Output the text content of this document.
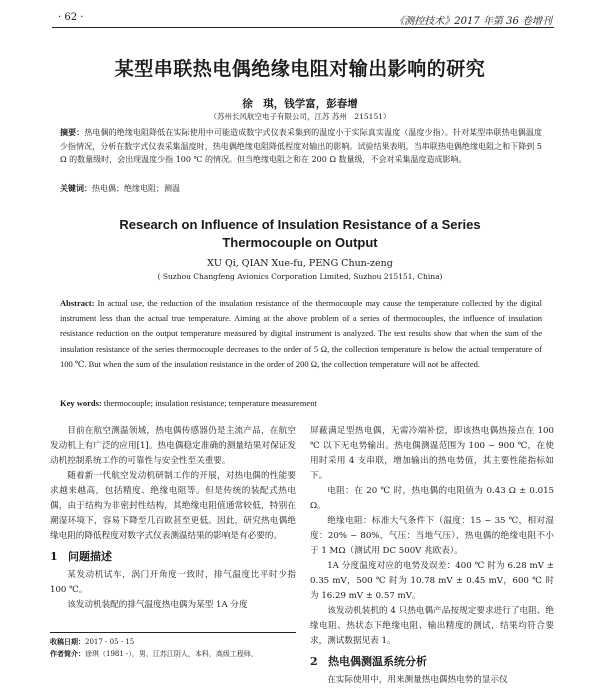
· 62 ·	《测控技术》2017 年第 36 卷增刊
某型串联热电偶绝缘电阻对输出影响的研究
徐　琪，钱学富，彭春增
（苏州长风航空电子有限公司，江苏 苏州　215151）
摘要：热电偶的绝缘电阻降低在实际使用中可能造成数字式仪表采集到的温度小于实际真实温度（温度少指）。针对某型串联热电偶温度少指情况，分析在数字式仪表采集温度时，热电偶绝缘电阻降低程度对输出的影响。试验结果表明，当串联热电偶绝缘电阻之和下降到 5 Ω 的数量级时，会出现温度少指 100 ℃ 的情况。但当绝缘电阻之和在 200 Ω 数量级，不会对采集温度造成影响。
关键词：热电偶；绝缘电阻；测温
Research on Influence of Insulation Resistance of a Series
Thermocouple on Output
XU Qi, QIAN Xue-fu, PENG Chun-zeng
( Suzhou Changfeng Avionics Corporation Limited, Suzhou 215151, China)
Abstract: In actual use, the reduction of the insulation resistance of the thermocouple may cause the temperature collected by the digital instrument less than the actual true temperature. Aiming at the above problem of a series of thermocouples, the influence of insulation resistance reduction on the output temperature measured by digital instrument is analyzed. The test results show that when the sum of the insulation resistance of the series thermocouple decreases to the order of 5 Ω, the collection temperature is below the actual temperature of 100 ℃. But when the sum of the insulation resistance in the order of 200 Ω, the collection temperature will not be affected.
Key words: thermocouple; insulation resistance; temperature measurement

目前在航空测温领域，热电偶传感器仍是主流产品，在航空发动机上有广泛的应用[1]。热电偶稳定准确的测量结果对保证发动机控制系统工作的可靠性与安全性至关重要。

随着新一代航空发动机研制工作的开展，对热电偶的性能要求越来越高，包括精度、绝缘电阻等。但是传统的装配式热电偶，由于结构为非密封性结构，其绝缘电阻值通常较低，特别在潮湿环境下，容易下降至几百欧甚至更低。因此，研究热电偶绝缘电阻的降低程度对数字式仪表测温结果的影响是有必要的。

1 问题描述

某发动机试车，涡门开角度一致时，排气温度比平时少指 100 ℃。

该发动机装配的排气温度热电偶为某型 1A 分度

收稿日期：2017 - 05 - 15
作者简介：徐琪（1981 -），男，江苏江阴人，本科，高级工程师，

屏蔽满足型热电偶，无需冷端补偿，即该热电偶热接点在 100 ℃ 以下无电势输出。热电偶测温范围为 100 ~ 900 ℃，在使用时采用 4 支串联，增加输出的热电势值，其主要性能指标如下。

电阻：在 20 ℃ 时，热电偶的电阻值为 0.43 Ω ± 0.015 Ω。

绝缘电阻：标准大气条件下（温度：15 ~ 35 ℃，相对湿度：20% ~ 80%，气压：当地气压），热电偶的绝缘电阻不小于 1 MΩ（测试用 DC 500V 兆欧表）。

1A 分度温度对应的电势及误差：400 ℃ 时为 6.28 mV ± 0.35 mV，500 ℃ 时为 10.78 mV ± 0.45 mV，600 ℃ 时为 16.29 mV ± 0.57 mV。

该发动机装机的 4 只热电偶产品按规定要求进行了电阻、绝缘电阻、热状态下绝缘电阻、输出精度的测试，结果均符合要求，测试数据见表 1。

2 热电偶测温系统分析

在实际使用中，用来测量热电偶热电势的显示仪
